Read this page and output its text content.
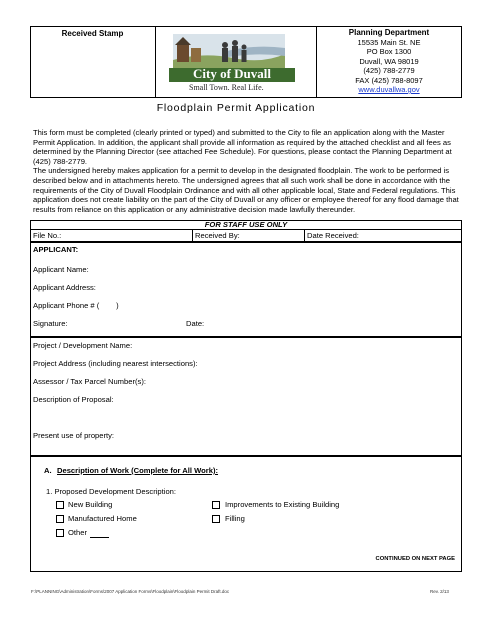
Received Stamp
City of Duvall
Small Town. Real Life.
Planning Department
15535 Main St. NE
PO Box 1300
Duvall, WA 98019
(425) 788-2779
FAX (425) 788-8097
www.duvallwa.gov
Floodplain Permit Application
This form must be completed (clearly printed or typed) and submitted to the City to file an application along with the Master Permit Application. In addition, the applicant shall provide all information as required by the attached checklist and all fees as determined by the Planning Director (see attached Fee Schedule). For questions, please contact the Planning Department at (425) 788-2779.
The undersigned hereby makes application for a permit to develop in the designated floodplain. The work to be performed is described below and in attachments hereto. The undersigned agrees that all such work shall be done in accordance with the requirements of the City of Duvall Floodplain Ordinance and with all other applicable local, State and Federal regulations. This application does not create liability on the part of the City of Duvall or any officer or employee thereof for any flood damage that results from reliance on this application or any administrative decision made lawfully thereunder.
FOR STAFF USE ONLY
File No.:	Received By:	Date Received:
APPLICANT:
Applicant Name:
Applicant Address:
Applicant Phone # (        )
Signature:	Date:
Project / Development Name:
Project Address (including nearest intersections):
Assessor / Tax Parcel Number(s):
Description of Proposal:
Present use of property:
A. Description of Work (Complete for All Work):
1. Proposed Development Description:
New Building	Improvements to Existing Building
Manufactured Home	Filling
Other
CONTINUED ON NEXT PAGE
F:\PLANNING\Administration\Forms\2007 Application Forms\Floodplain\Floodplain Permit Draft.doc	Rev. 2/13
